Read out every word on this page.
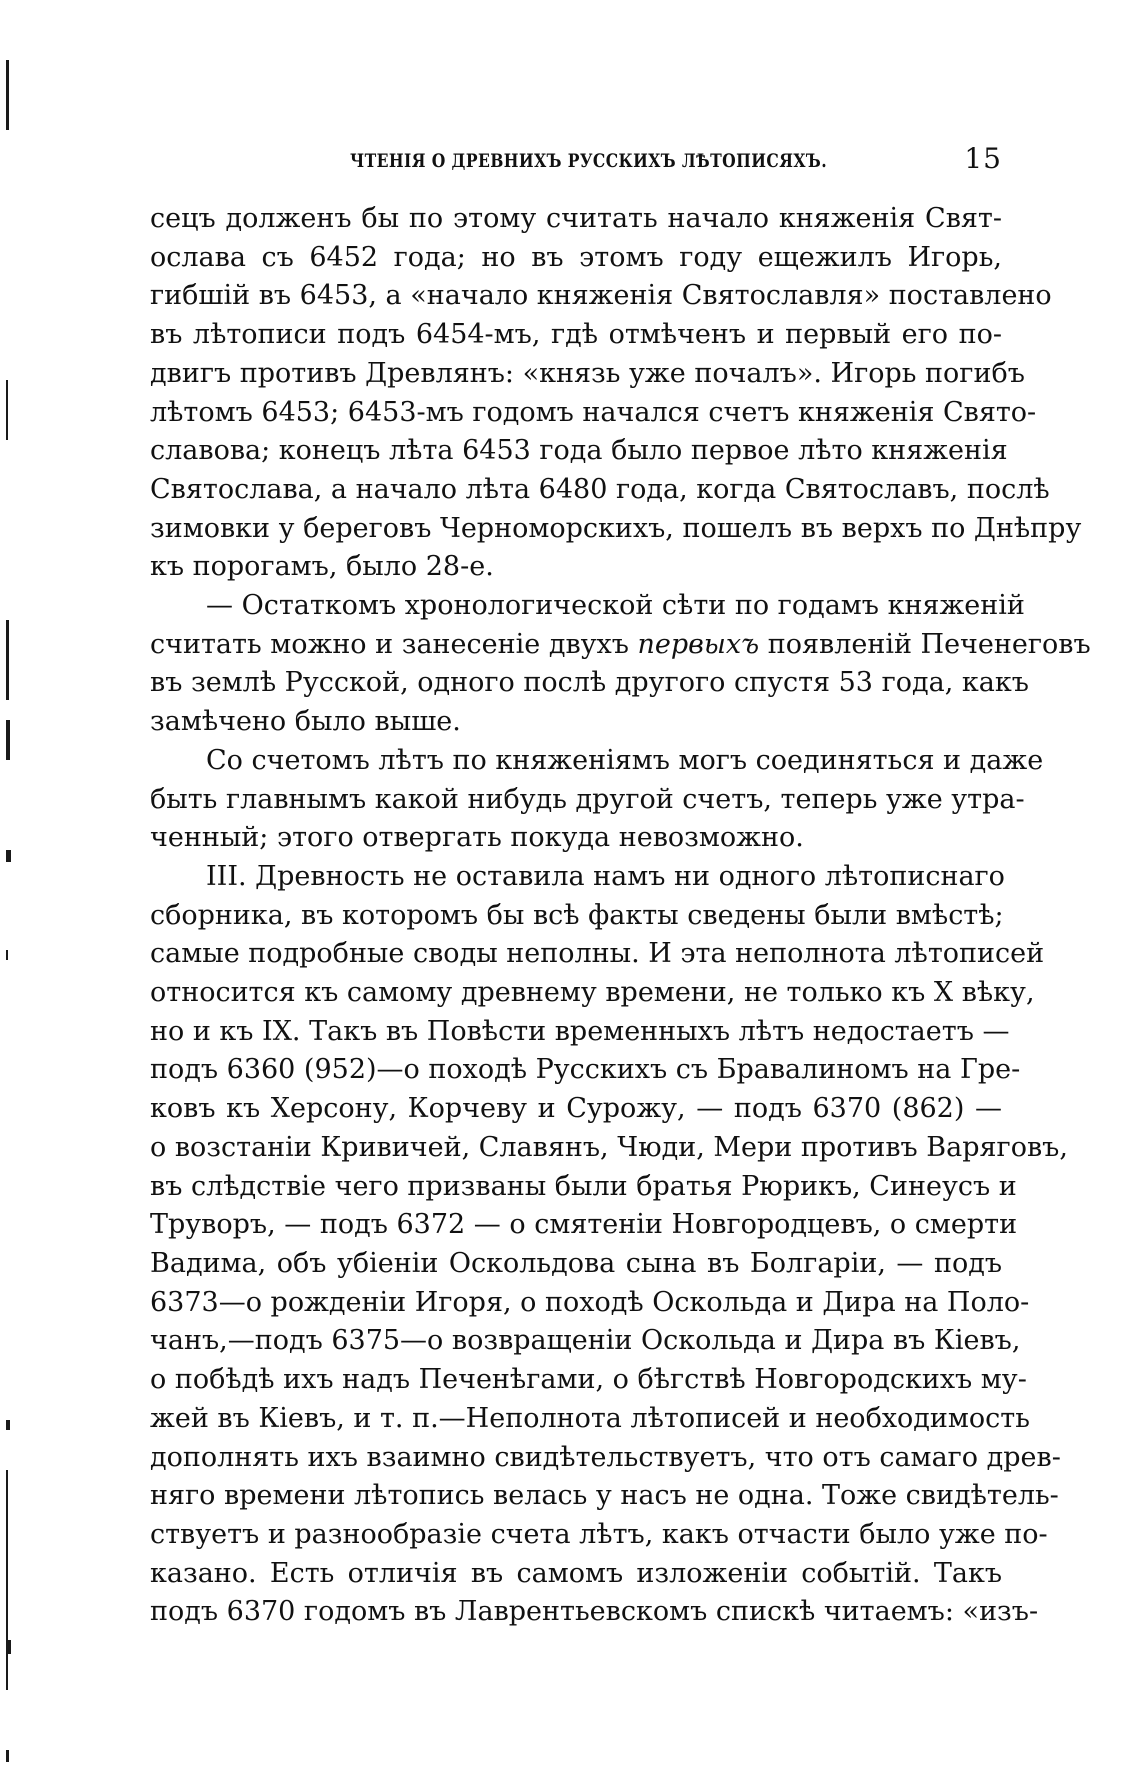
ЧТЕНІЯ О ДРЕВНИХЪ РУССКИХЪ ЛѢТОПИСЯХЪ.	15

сецъ долженъ бы по этому считать начало княженія Свят-
ослава съ 6452 года; но въ этомъ году ещежилъ Игорь,
гибшій въ 6453, а «начало княженія Святославля» поставлено
въ лѣтописи подъ 6454-мъ, гдѣ отмѣченъ и первый его по-
двигъ противъ Древлянъ: «князь уже почалъ». Игорь погибъ
лѣтомъ 6453; 6453-мъ годомъ начался счетъ княженія Свято-
славова; конецъ лѣта 6453 года было первое лѣто княженія
Святослава, а начало лѣта 6480 года, когда Святославъ, послѣ
зимовки у береговъ Черноморскихъ, пошелъ въ верхъ по Днѣпру
къ порогамъ, было 28-е.

— Остаткомъ хронологической сѣти по годамъ княженій
считать можно и занесеніе двухъ первыхъ появленій Печенеговъ
въ землѣ Русской, одного послѣ другого спустя 53 года, какъ
замѣчено было выше.

Со счетомъ лѣтъ по княженіямъ могъ соединяться и даже
быть главнымъ какой нибудь другой счетъ, теперь уже утра-
ченный; этого отвергать покуда невозможно.

III. Древность не оставила намъ ни одного лѣтописнаго
сборника, въ которомъ бы всѣ факты сведены были вмѣстѣ;
самые подробные своды неполны. И эта неполнота лѣтописей
относится къ самому древнему времени, не только къ X вѣку,
но и къ IX. Такъ въ Повѣсти временныхъ лѣтъ недостаетъ —
подъ 6360 (952)—о походѣ Русскихъ съ Бравалиномъ на Гре-
ковъ къ Херсону, Корчеву и Сурожу, — подъ 6370 (862) —
о возстаніи Кривичей, Славянъ, Чюди, Мери противъ Варяговъ,
въ слѣдствіе чего призваны были братья Рюрикъ, Синеусъ и
Труворъ, — подъ 6372 — о смятеніи Новгородцевъ, о смерти
Вадима, объ убіеніи Оскольдова сына въ Болгаріи, — подъ
6373—о рожденіи Игоря, о походѣ Оскольда и Дира на Поло-
чанъ,—подъ 6375—о возвращеніи Оскольда и Дира въ Кіевъ,
о побѣдѣ ихъ надъ Печенѣгами, о бѣгствѣ Новгородскихъ му-
жей въ Кіевъ, и т. п.—Неполнота лѣтописей и необходимость
дополнять ихъ взаимно свидѣтельствуетъ, что отъ самаго древ-
няго времени лѣтопись велась у насъ не одна. Тоже свидѣтель-
ствуетъ и разнообразіе счета лѣтъ, какъ отчасти было уже по-
казано. Есть отличія въ самомъ изложеніи событій. Такъ
подъ 6370 годомъ въ Лаврентьевскомъ спискѣ читаемъ: «изъ-
